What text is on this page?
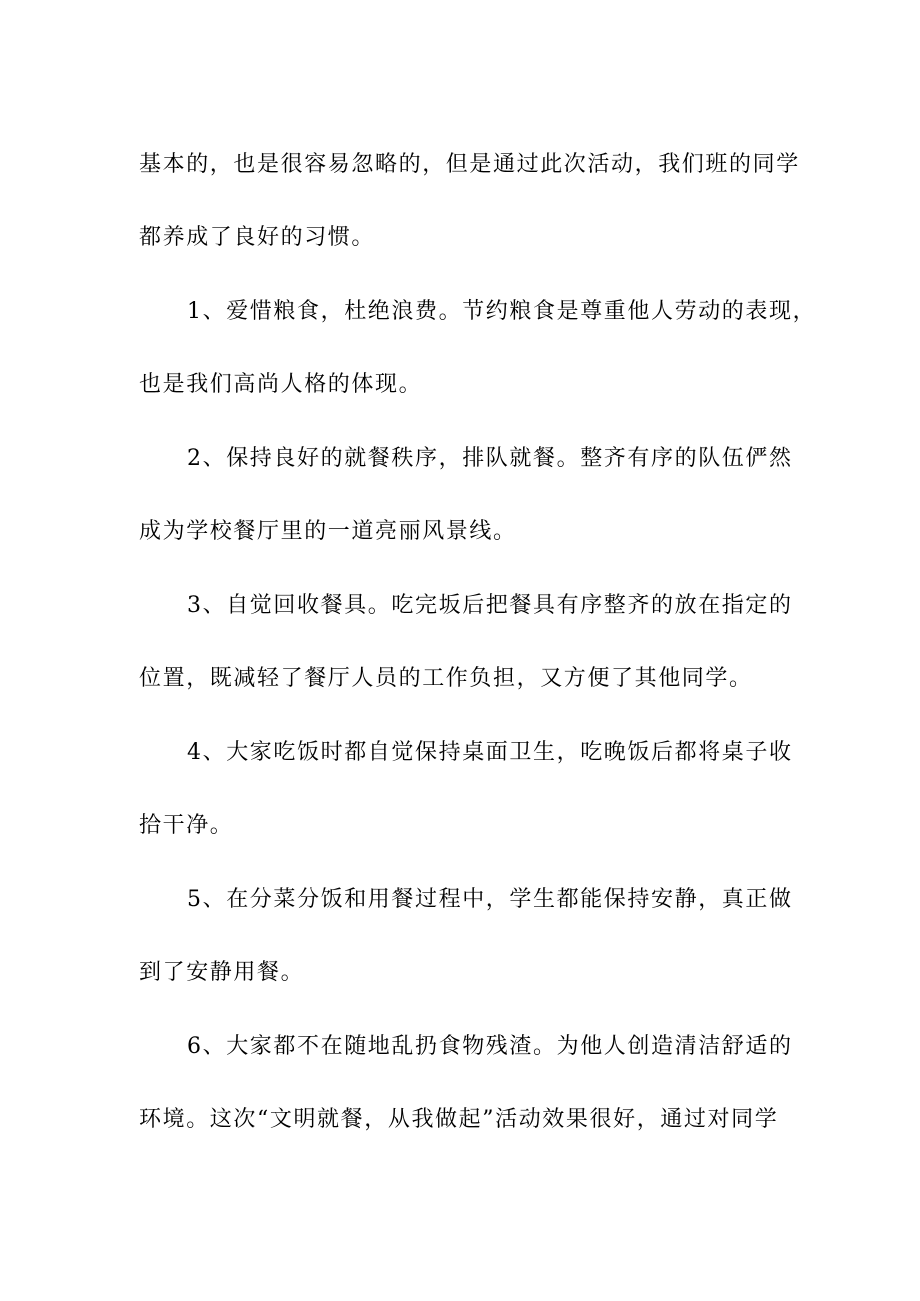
基本的，也是很容易忽略的，但是通过此次活动，我们班的同学
都养成了良好的习惯。
1、爱惜粮食，杜绝浪费。节约粮食是尊重他人劳动的表现，
也是我们高尚人格的体现。
2、保持良好的就餐秩序，排队就餐。整齐有序的队伍俨然
成为学校餐厅里的一道亮丽风景线。
3、自觉回收餐具。吃完坂后把餐具有序整齐的放在指定的
位置，既减轻了餐厅人员的工作负担，又方便了其他同学。
4、大家吃饭时都自觉保持桌面卫生，吃晚饭后都将桌子收
拾干净。
5、在分菜分饭和用餐过程中，学生都能保持安静，真正做
到了安静用餐。
6、大家都不在随地乱扔食物残渣。为他人创造清洁舒适的
环境。这次“文明就餐，从我做起”活动效果很好，通过对同学
